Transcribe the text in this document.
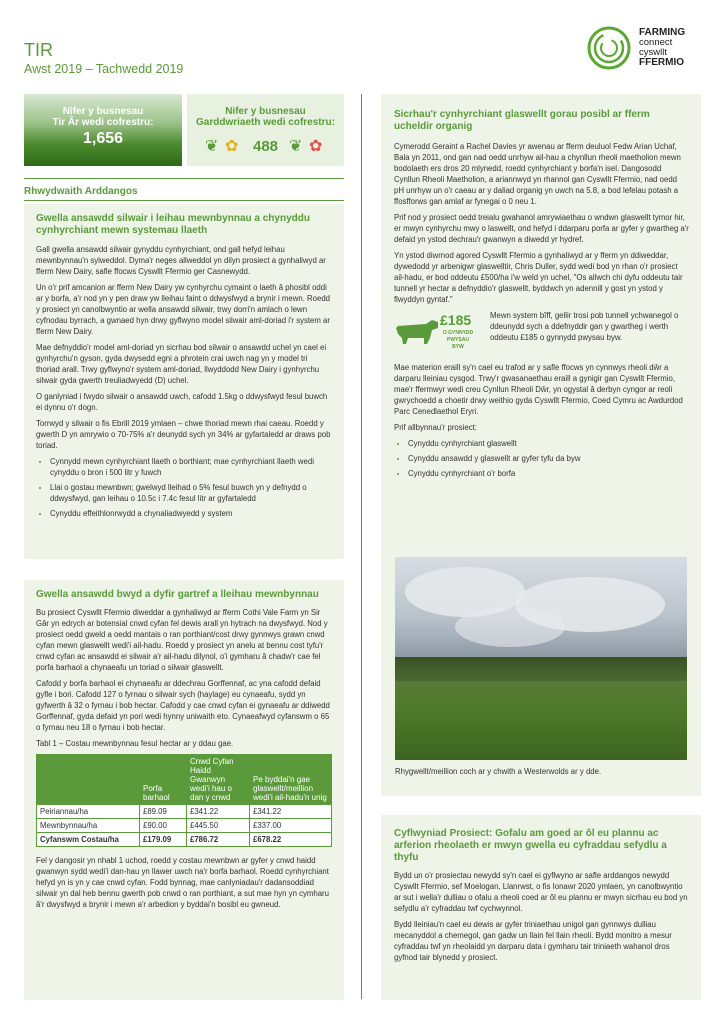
TIR
Awst 2019 – Tachwedd 2019
FARMING
connect
cyswllt
FFERMIO
Nifer y busnesau
Tir Âr wedi cofrestru:
1,656
Nifer y busnesau
Garddwriaeth wedi cofrestru:
❦ ✿ 488 ❦ ✿
Rhwydwaith Arddangos
Gwella ansawdd silwair i leihau mewnbynnau a chynyddu cynhyrchiant mewn systemau llaeth

Gall gwella ansawdd silwair gynyddu cynhyrchiant, ond gall hefyd leihau mewnbynnau'n sylweddol. Dyma'r neges allweddol yn dilyn prosiect a gynhaliwyd ar fferm New Dairy, safle ffocws Cyswllt Ffermio ger Casnewydd.

Un o'r prif amcanion ar fferm New Dairy yw cynhyrchu cymaint o laeth â phosibl oddi ar y borfa, a'r nod yn y pen draw yw lleihau faint o ddwysfwyd a brynir i mewn. Roedd y prosiect yn canolbwyntio ar wella ansawdd silwair, trwy dorri'n amlach o lewn cyfnodau byrrach, a gwnaed hyn drwy gyflwyno model silwair aml-doriad i'r system ar fferm New Dairy.

Mae defnyddio'r model aml-doriad yn sicrhau bod silwair o ansawdd uchel yn cael ei gynhyrchu'n gyson, gyda dwysedd egni a phrotein crai uwch nag yn y model tri thoriad arall. Trwy gyflwyno'r system aml-doriad, llwyddodd New Dairy i gynhyrchu silwair gyda gwerth treuliadwyedd (D) uchel.

O ganlyniad i fwydo silwair o ansawdd uwch, cafodd 1.5kg o ddwysfwyd fesul buwch ei dynnu o'r dogn.

Torrwyd y silwair o fis Ebrill 2019 ymlaen – chwe thoriad mewn rhai caeau. Roedd y gwerth D yn amrywio o 70-75% a'r deunydd sych yn 34% ar gyfartaledd ar draws pob toriad.

• Cynnydd mewn cynhyrchiant llaeth o borthiant; mae cynhyrchiant llaeth wedi cynyddu o bron i 500 litr y fuwch
• Llai o gostau mewnbwn; gwelwyd lleihad o 5% fesul buwch yn y defnydd o ddwysfwyd, gan leihau o 10.5c i 7.4c fesul litr ar gyfartaledd
• Cynyddu effeithlonrwydd a chynaliadwyedd y system
Gwella ansawdd bwyd a dyfir gartref a lleihau mewnbynnau

Bu prosiect Cyswllt Ffermio diweddar a gynhaliwyd ar fferm Cothi Vale Farm yn Sir Gâr yn edrych ar botensial cnwd cyfan fel dewis arall yn hytrach na dwysfwyd. Nod y prosiect oedd gweld a oedd mantais o ran porthiant/cost drwy gynnwys grawn cnwd cyfan mewn glaswellt wedi'i ail-hadu. Roedd y prosiect yn anelu at bennu cost tyfu'r cnwd cyfan ac ansawdd ei silwair a'r ail-hadu dilynol, o'i gymharu â chadw'r cae fel porfa barhaol a chynaeafu un toriad o silwair glaswellt.

Cafodd y borfa barhaol ei chynaeafu ar ddechrau Gorffennaf, ac yna cafodd defaid gyfle i bori. Cafodd 127 o fyrnau o silwair sych (haylage) eu cynaeafu, sydd yn gyfwerth â 32 o fyrnau i bob hectar. Cafodd y cae cnwd cyfan ei gynaeafu ar ddiwedd Gorffennaf, gyda defaid yn pori wedi hynny uniwaith eto. Cynaeafwyd cyfanswm o 65 o fyrnau neu 18 o fyrnau i bob hectar.

Tabl 1 – Costau mewnbynnau fesul hectar ar y ddau gae.

	Porfa barhaol	Cnwd Cyfan Haidd Gwanwyn wedi'i hau o dan y cnwd	Pe byddai'n gae glaswellt/meillion wedi'i ail-hadu'n unig
Peiriannau/ha	£89.09	£341.22	£341.22
Mewnbynnau/ha	£90.00	£445.50	£337.00
Cyfanswm Costau/ha	£179.09	£786.72	£678.22

Fel y dangosir yn nhabl 1 uchod, roedd y costau mewnbwn ar gyfer y cnwd haidd gwanwyn sydd wedi'i dan-hau yn llawer uwch na'r borfa barhaol. Roedd cynhyrchiant hefyd yn is yn y cae cnwd cyfan. Fodd bynnag, mae canlyniadau'r dadansoddiad silwair yn dal heb bennu gwerth pob cnwd o ran porthiant, a sut mae hyn yn cymharu â'r dwysfwyd a brynir i mewn a'r arbedion y byddai'n bosibl eu gwneud.

Sicrhau'r cynhyrchiant glaswellt gorau posibl ar fferm ucheldir organig

Cymerodd Geraint a Rachel Davies yr awenau ar fferm deuluol Fedw Arian Uchaf, Bala yn 2011, ond gan nad oedd unrhyw ail-hau a chynllun rheoli maetholion mewn bodolaeth ers dros 20 mlynedd, roedd cynhyrchiant y borfa'n isel. Dangosodd Cynllun Rheoli Maetholion, a ariannwyd yn rhannol gan Cyswllt Ffermio, nad oedd pH unrhyw un o'r caeau ar y daliad organig yn uwch na 5.8, a bod lefelau potash a ffosfforws gan amlaf ar fynegai o 0 neu 1.

Prif nod y prosiect oedd treialu gwahanol amrywiaethau o wndwn glaswellt tymor hir, er mwyn cynhyrchu mwy o laswellt, ond hefyd i ddarparu porfa ar gyfer y gwartheg a'r defaid yn ystod dechrau'r gwanwyn a diwedd yr hydref.

Yn ystod diwrnod agored Cyswllt Ffermio a gynhaliwyd ar y fferm yn ddiweddar, dywedodd yr arbenigwr glaswelltir, Chris Duller, sydd wedi bod yn rhan o'r prosiect ail-hadu, er bod oddeutu £500/ha i'w weld yn uchel, "Os allwch chi dyfu oddeutu tair tunnell yr hectar a defnyddio'r glaswellt, byddwch yn adennill y gost yn ystod y flwyddyn gyntaf."

£185
O GYNNYDD
PWYSAU
BYW

Mewn system bîff, gellir trosi pob tunnell ychwanegol o ddeunydd sych a ddefnyddir gan y gwartheg i werth oddeutu £185 o gynnydd pwysau byw.

Mae materion eraill sy'n cael eu trafod ar y safle ffocws yn cynnwys rheoli dŵr a darparu lleiniau cysgod. Trwy'r gwasanaethau eraill a gynigir gan Cyswllt Ffermio, mae'r ffermwyr wedi creu Cynllun Rheoli Dŵr, yn ogystal â derbyn cyngor ar reoli gwrychoedd a choetir drwy weithio gyda Cyswllt Ffermio, Coed Cymru ac Awdurdod Parc Cenedlaethol Eryri.

Prif allbynnau'r prosiect:

• Cynyddu cynhyrchiant glaswellt
• Cynyddu ansawdd y glaswellt ar gyfer tyfu da byw
• Cynyddu cynhyrchiant o'r borfa
Rhygwellt/meillion coch ar y chwith a Westerwolds ar y dde.
Cyflwyniad Prosiect: Gofalu am goed ar ôl eu plannu ac arferion rheolaeth er mwyn gwella eu cyfraddau sefydlu a thyfu

Bydd un o'r prosiectau newydd sy'n cael ei gyflwyno ar safle arddangos newydd Cyswllt Ffermio, sef Moelogan, Llanrwst, o fis Ionawr 2020 ymlaen, yn canolbwyntio ar sut i wella'r dulliau o ofalu a rheoli coed ar ôl eu plannu er mwyn sicrhau eu bod yn sefydlu a'r cyfraddau twf cychwynnol.

Bydd lleiniau'n cael eu dewis ar gyfer triniaethau unigol gan gynnwys dulliau mecanyddol a chemegol, gan gadw un llain fel llain rheoli. Bydd monitro a mesur cyfraddau twf yn rheolaidd yn darparu data i gymharu tair triniaeth wahanol dros gyfnod tair blynedd y prosiect.
